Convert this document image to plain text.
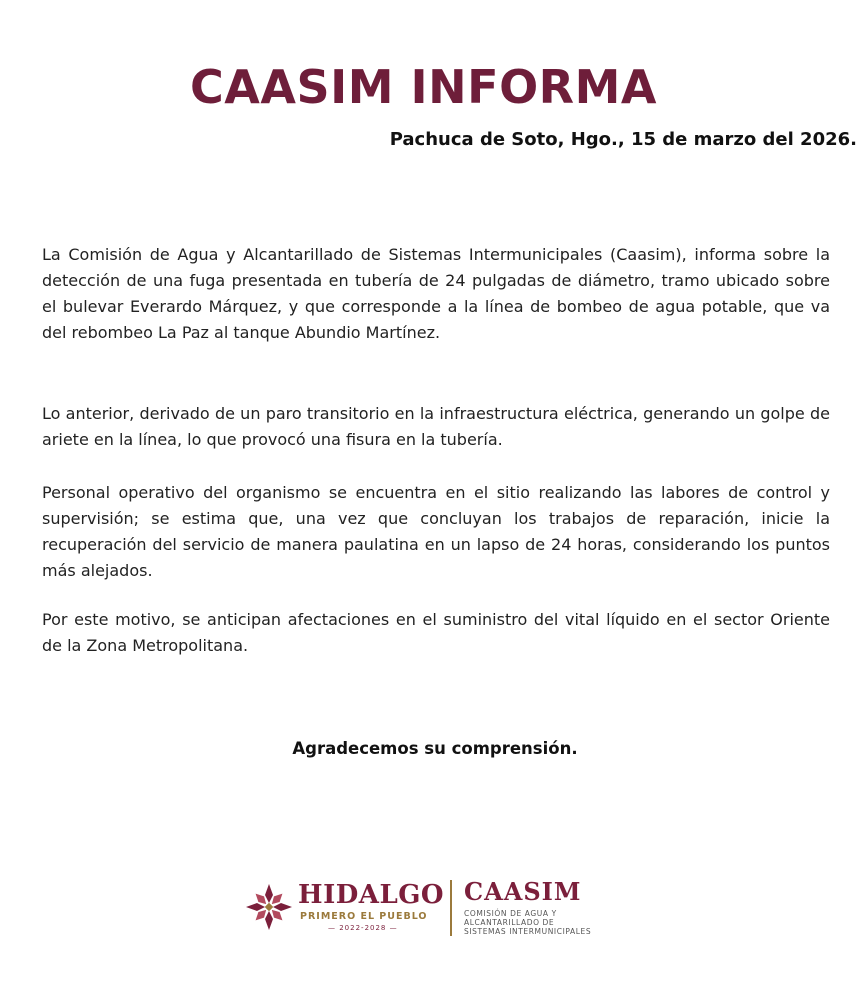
CAASIM INFORMA
Pachuca de Soto, Hgo., 15 de marzo del 2026.

La Comisión de Agua y Alcantarillado de Sistemas Intermunicipales (Caasim), informa sobre la detección de una fuga presentada en tubería de 24 pulgadas de diámetro, tramo ubicado sobre el bulevar Everardo Márquez, y que corresponde a la línea de bombeo de agua potable, que va del rebombeo La Paz al tanque Abundio Martínez.

Lo anterior, derivado de un paro transitorio en la infraestructura eléctrica, generando un golpe de ariete en la línea, lo que provocó una fisura en la tubería.

Personal operativo del organismo se encuentra en el sitio realizando las labores de control y supervisión; se estima que, una vez que concluyan los trabajos de reparación, inicie la recuperación del servicio de manera paulatina en un lapso de 24 horas, considerando los puntos más alejados.

Por este motivo, se anticipan afectaciones en el suministro del vital líquido en el sector Oriente de la Zona Metropolitana.

Agradecemos su comprensión.
HIDALGO
PRIMERO EL PUEBLO
— 2022-2028 —
CAASIM
COMISIÓN DE AGUA Y
ALCANTARILLADO DE
SISTEMAS INTERMUNICIPALES
